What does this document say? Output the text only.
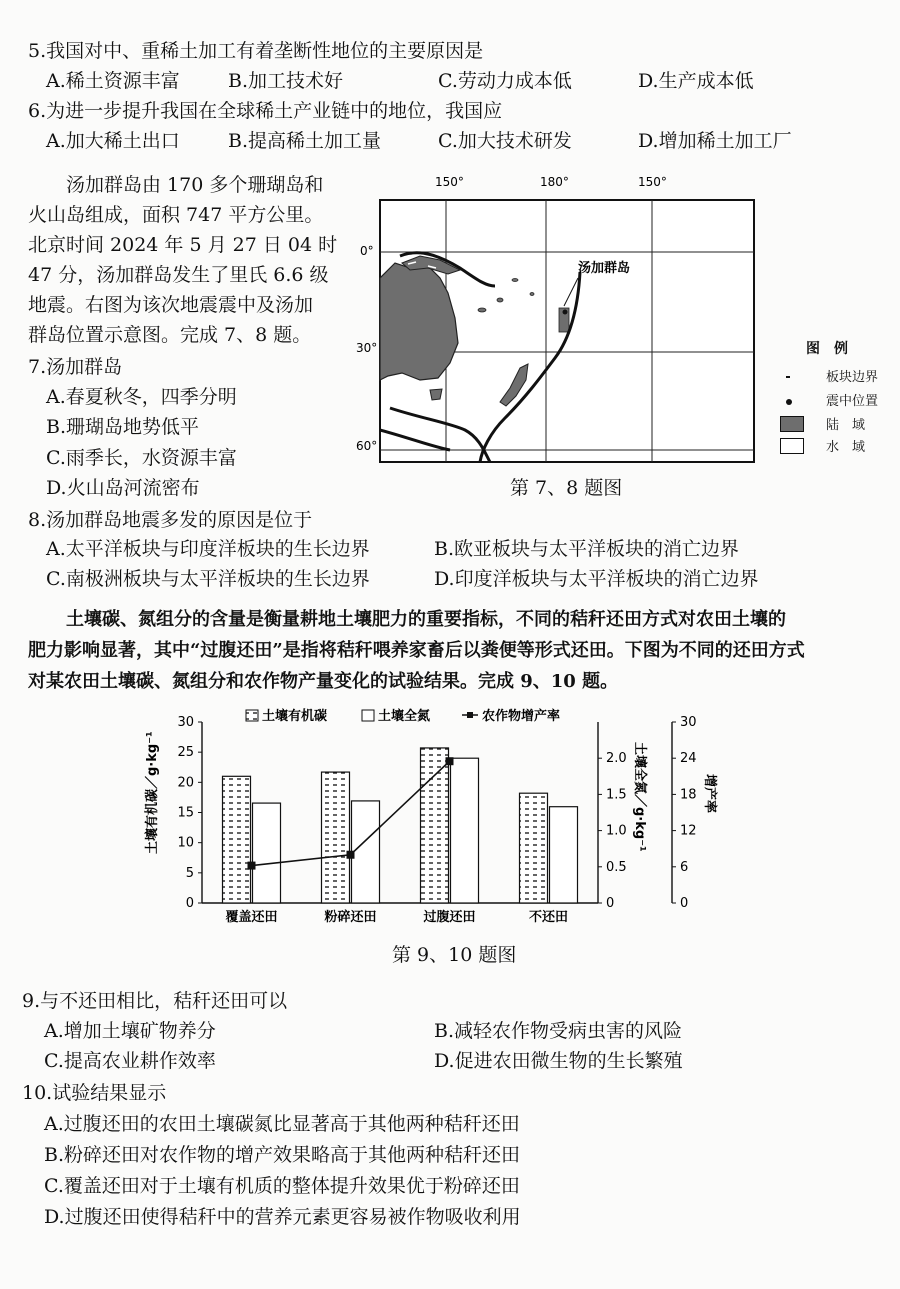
5.我国对中、重稀土加工有着垄断性地位的主要原因是
A.稀土资源丰富	B.加工技术好	C.劳动力成本低	D.生产成本低
6.为进一步提升我国在全球稀土产业链中的地位，我国应
A.加大稀土出口	B.提高稀土加工量	C.加大技术研发	D.增加稀土加工厂
汤加群岛由 170 多个珊瑚岛和
火山岛组成，面积 747 平方公里。
北京时间 2024 年 5 月 27 日 04 时
47 分，汤加群岛发生了里氏 6.6 级
地震。右图为该次地震震中及汤加
群岛位置示意图。完成 7、8 题。
7.汤加群岛
A.春夏秋冬，四季分明
B.珊瑚岛地势低平
C.雨季长，水资源丰富
D.火山岛河流密布
150°	180°	150°
0°
30°
60°
汤加群岛
图　例
板块边界
震中位置
陆　域
水　域
第 7、8 题图
8.汤加群岛地震多发的原因是位于
A.太平洋板块与印度洋板块的生长边界	B.欧亚板块与太平洋板块的消亡边界
C.南极洲板块与太平洋板块的生长边界	D.印度洋板块与太平洋板块的消亡边界
土壤碳、氮组分的含量是衡量耕地土壤肥力的重要指标，不同的秸秆还田方式对农田土壤的
肥力影响显著，其中“过腹还田”是指将秸秆喂养家畜后以粪便等形式还田。下图为不同的还田方式
对某农田土壤碳、氮组分和农作物产量变化的试验结果。完成 9、10 题。
土壤有机碳	土壤全氮	农作物增产率
土壤有机碳／g·kg⁻¹	土壤全氮／g·kg⁻¹	增产率
0
5
10
15
20
25
30
0
0.5
1.0
1.5
2.0
0
6
12
18
24
30
覆盖还田	粉碎还田	过腹还田	不还田
第 9、10 题图
9.与不还田相比，秸秆还田可以
A.增加土壤矿物养分	B.减轻农作物受病虫害的风险
C.提高农业耕作效率	D.促进农田微生物的生长繁殖
10.试验结果显示
A.过腹还田的农田土壤碳氮比显著高于其他两种秸秆还田
B.粉碎还田对农作物的增产效果略高于其他两种秸秆还田
C.覆盖还田对于土壤有机质的整体提升效果优于粉碎还田
D.过腹还田使得秸秆中的营养元素更容易被作物吸收利用
